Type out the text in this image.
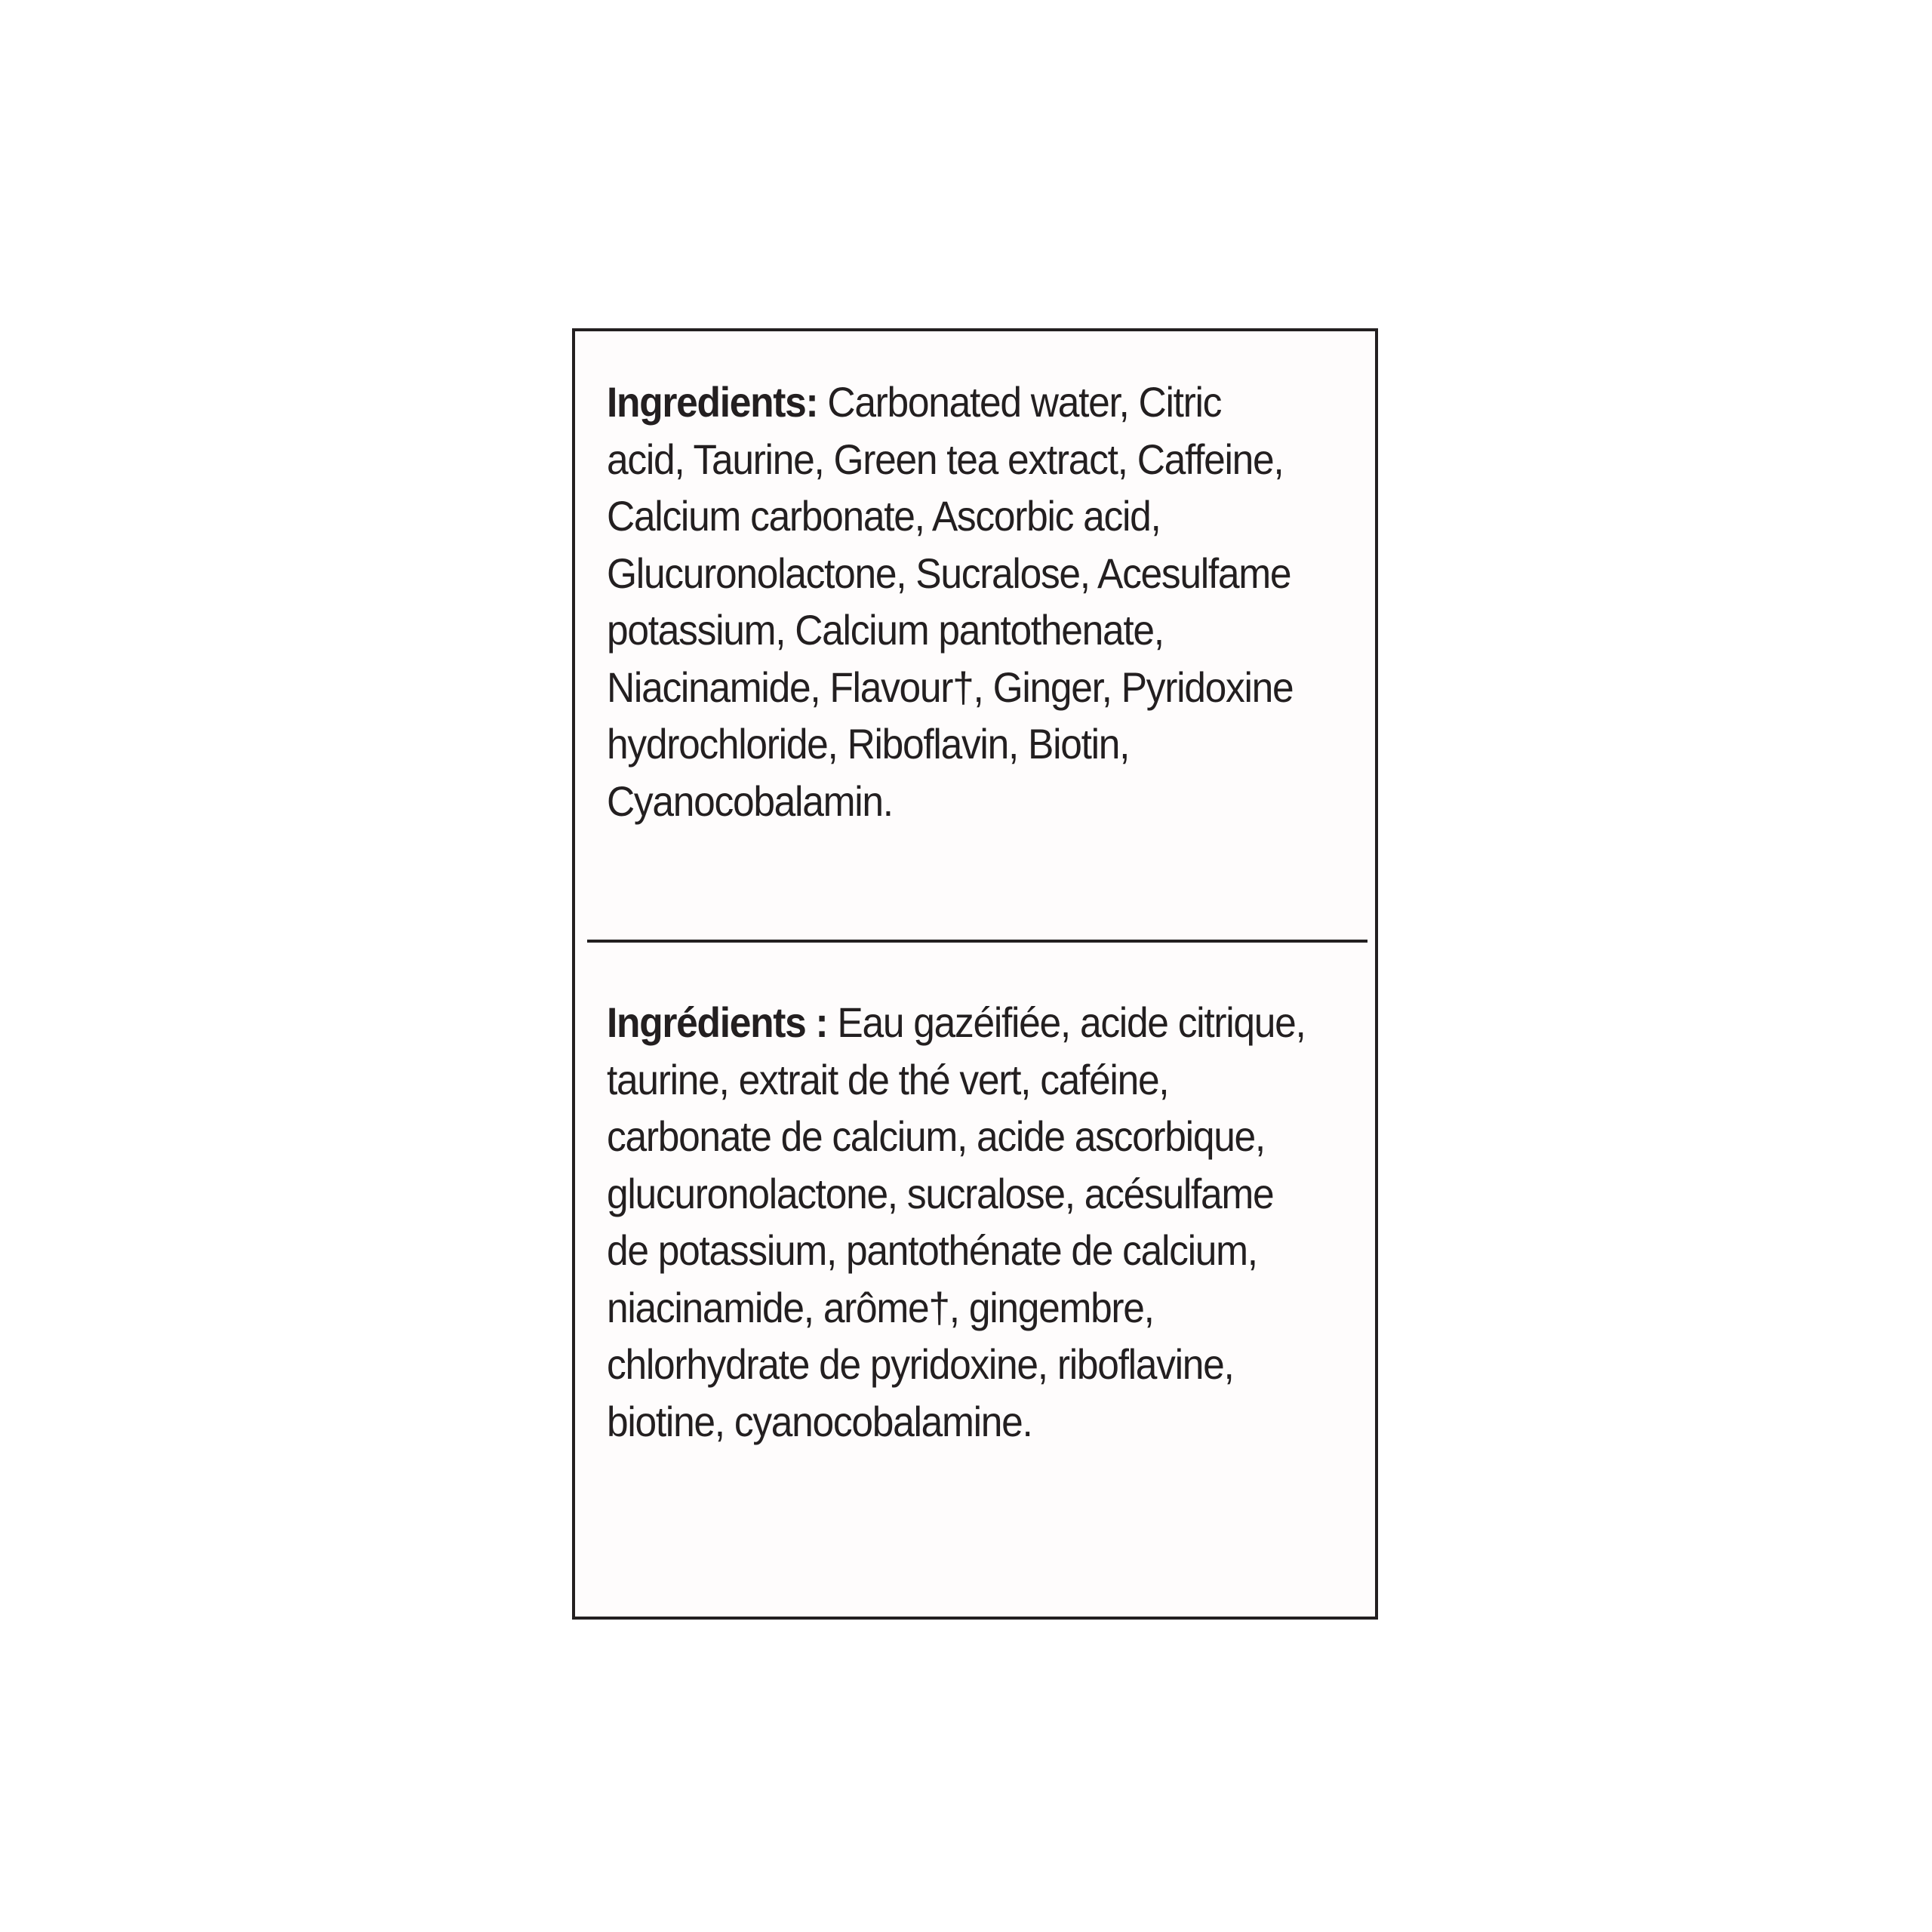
Ingredients: Carbonated water, Citric
acid, Taurine, Green tea extract, Caffeine,
Calcium carbonate, Ascorbic acid,
Glucuronolactone, Sucralose, Acesulfame
potassium, Calcium pantothenate,
Niacinamide, Flavour†, Ginger, Pyridoxine
hydrochloride, Riboflavin, Biotin,
Cyanocobalamin.
Ingrédients : Eau gazéifiée, acide citrique,
taurine, extrait de thé vert, caféine,
carbonate de calcium, acide ascorbique,
glucuronolactone, sucralose, acésulfame
de potassium, pantothénate de calcium,
niacinamide, arôme†, gingembre,
chlorhydrate de pyridoxine, riboflavine,
biotine, cyanocobalamine.
